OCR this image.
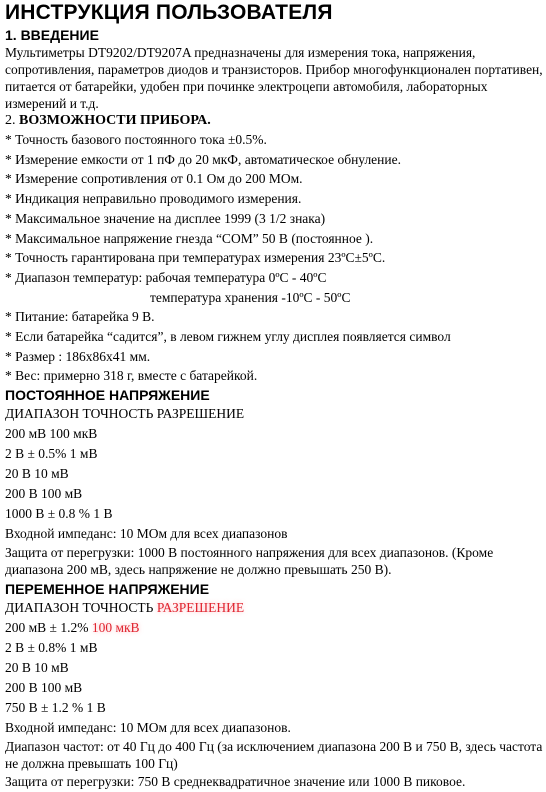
ИНСТРУКЦИЯ ПОЛЬЗОВАТЕЛЯ
1. ВВЕДЕНИЕ
Мультиметры DT9202/DT9207A предназначены для измерения тока, напряжения, сопротивления, параметров диодов и транзисторов. Прибор многофункционален портативен, питается от батарейки, удобен при починке электроцепи автомобиля, лабораторных измерений и т.д.
2. ВОЗМОЖНОСТИ ПРИБОРА.
* Точность базового постоянного тока ±0.5%.
* Измерение емкости от 1 пФ до 20 мкФ, автоматическое обнуление.
* Измерение сопротивления от 0.1 Ом до 200 МОм.
* Индикация неправильно проводимого измерения.
* Максимальное значение на дисплее 1999 (3 1/2 знака)
* Максимальное напряжение гнезда “COM” 50 В (постоянное ).
* Точность гарантирована при температурах измерения 23ºC±5ºC.
* Диапазон температур: рабочая температура 0ºC - 40ºC
температура хранения -10ºC - 50ºC
* Питание: батарейка 9 В.
* Если батарейка “садится”, в левом гижнем углу дисплея появляется символ
* Размер : 186х86х41 мм.
* Вес: примерно 318 г, вместе с батарейкой.
ПОСТОЯННОЕ НАПРЯЖЕНИЕ
ДИАПАЗОН ТОЧНОСТЬ РАЗРЕШЕНИЕ
200 мВ 100 мкВ
2 В ± 0.5% 1 мВ
20 В 10 мВ
200 В 100 мВ
1000 В ± 0.8 % 1 В
Входной импеданс: 10 МОм для всех диапазонов
Защита от перегрузки: 1000 В постоянного напряжения для всех диапазонов. (Кроме диапазона 200 мВ, здесь напряжение не должно превышать 250 В).
ПЕРЕМЕННОЕ НАПРЯЖЕНИЕ
ДИАПАЗОН ТОЧНОСТЬ РАЗРЕШЕНИЕ
200 мВ ± 1.2% 100 мкВ
2 В ± 0.8% 1 мВ
20 В 10 мВ
200 В 100 мВ
750 В ± 1.2 % 1 В
Входной импеданс: 10 МОм для всех диапазонов.
Диапазон частот: от 40 Гц до 400 Гц (за исключением диапазона 200 В и 750 В, здесь частота не должна превышать 100 Гц)
Защита от перегрузки: 750 В среднеквадратичное значение или 1000 В пиковое.
